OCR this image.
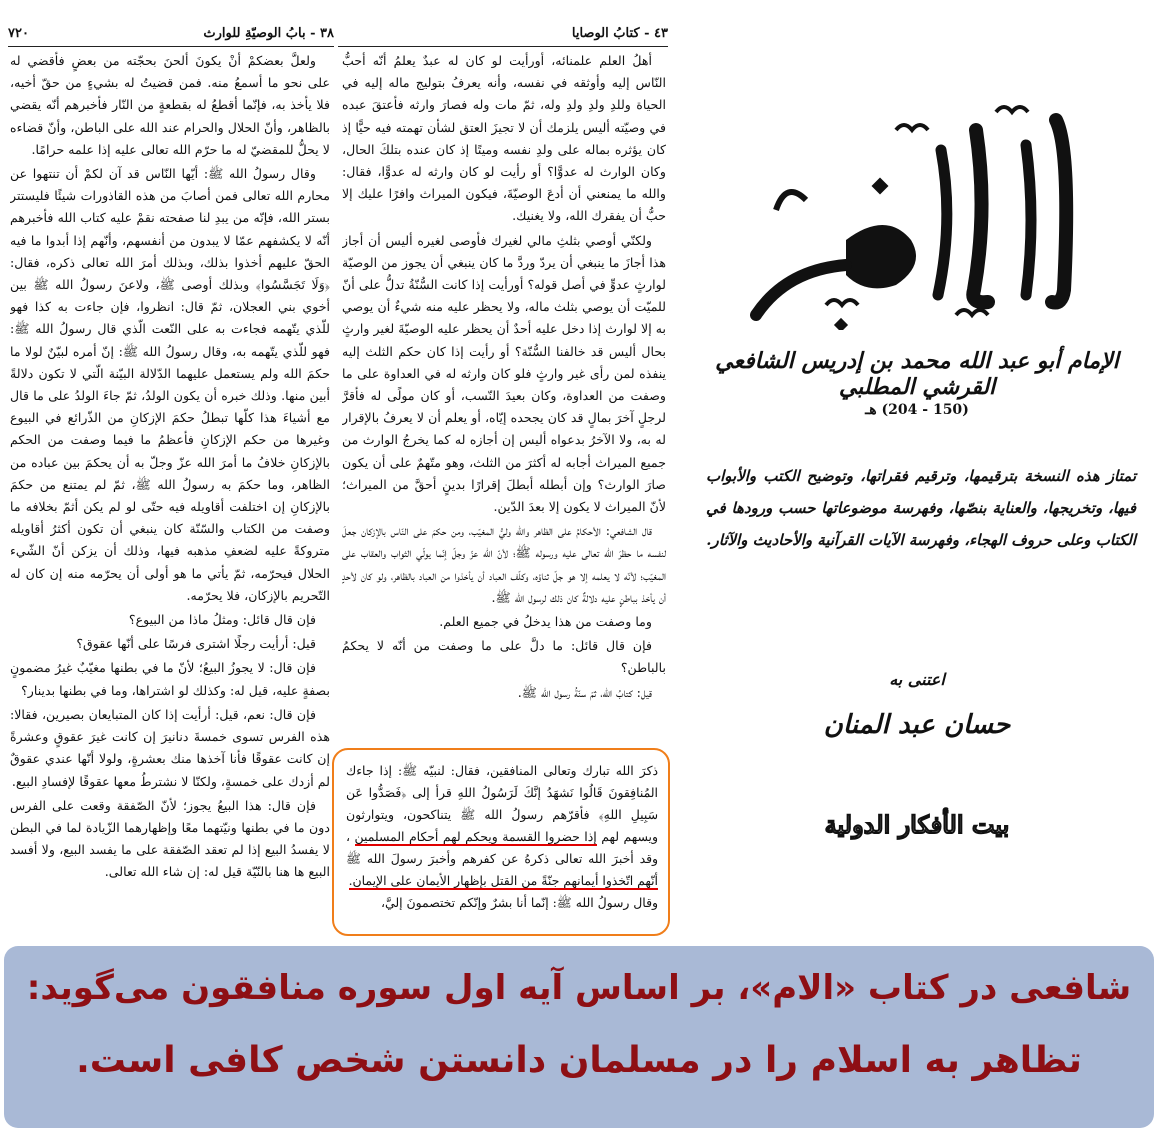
٣٨ - بابُ الوصيّةِ للوارث
٧٢٠	٤٣ - كتابُ الوصايا

أهلُ العلم علمنائه، أورأيت لو كان له عبدٌ يعلمُ أنّه أحبُّ النّاس إليه وأوثقه في نفسه، وأنه يعرفُ بتوليج ماله إليه في الحياة وللدِ ولدِ ولدِ وله، ثمّ مات وله فصارَ وارثه فأعتقَ عبده في وصيّته أليس يلزمك أن لا تجيزَ العتق لشأن تهمته فيه حيًّا إذ كان يؤثره بماله على ولدِ نفسه وميتًا إذ كان عنده بتلكَ الحال، وكان الوارث له عدوًّا؟ أو رأيت لو كان وارثه له عدوًّا، فقال: والله ما يمنعني أن أدعَ الوصيّةَ، فيكون الميراث وافرًا عليك إلا حبُّ أن يفقرك الله، ولا يغنيك.

ولكنّي أوصي بثلثِ مالي لغيرك فأوصى لغيره أليس أن أجاز هذا أجازَ ما ينبغي أن يردّ وردَّ ما كان ينبغي أن يجوز من الوصيّة لوارثٍ عدوٍّ في أصل قوله؟ أورأيت إذا كانت السُّنّةُ تدلُّ على أنّ للميّت أن يوصي بثلث ماله، ولا يحظر عليه منه شيءٌ أن يوصي به إلا لوارث إذا دخل عليه أحدٌ أن يحظر عليه الوصيّةَ لغير وارثٍ بحال أليس قد خالفنا السُّنّة؟ أو رأيت إذا كان حكم الثلث إليه ينفذه لمن رأى غير وارثٍ فلو كان وارثه له في العداوة على ما وصفت من العداوة، وكان بعيدَ النّسب، أو كان مولًى له فأقرَّ لرجلٍ آخرَ بمالٍ قد كان يجحده إيّاه، أو يعلم أن لا يعرفُ بالإقرار له به، ولا الآخرُ بدعواه أليس إن أجازه له كما يخرجُ الوارث من جميع الميراث أجابه له أكثرَ من الثلث، وهو متّهمٌ على أن يكون صارَ الوارث؟ وإن أبطله أبطلَ إقرارًا بدينٍ أحقَّ من الميراث؛ لأنّ الميراث لا يكون إلا بعدَ الدّين.

قال الشافعي: الأحكامُ على الظاهر والله وليُّ المغيّب، ومن حكمَ على النّاس بالإزكان جعلَ لنفسه ما حظرَ الله تعالى عليه ورسوله ﷺ؛ لأنّ الله عزّ وجلّ إنّما يولّي الثواب والعقاب على المغيّب؛ لأنّه لا يعلمه إلا هو جلّ ثناؤه، وكلّف العباد أن يأخذوا من العباد بالظاهر، ولو كان لأحدٍ أن يأخذ بباطنٍ عليه دلالةٌ كان ذلك لرسول الله ﷺ.

وما وصفت من هذا يدخلُ في جميع العلم.

فإن قال قائل: ما دلَّ على ما وصفت من أنّه لا يحكمُ بالباطن؟

قيل: كتابُ الله، ثمّ سنّةُ رسول الله ﷺ.

ذكرَ الله تبارك وتعالى المنافقين، فقال: لنبيّه ﷺ: إذا جاءك المُنافِقونَ قَالُوا نَشهَدُ إنَّكَ لَرَسُولُ اللهِ قرأ إلى ﴿فَصَدُّوا عَن سَبِيلِ اللهِ﴾ فأقرّهم رسولُ الله ﷺ يتناكحون، ويتوارثون ويسهم لهم إذا حضروا القسمة ويحكم لهم أحكام المسلمين ، وقد أخبرَ الله تعالى ذكرهُ عن كفرهم وأخبرَ رسولَ الله ﷺ أنّهم اتّخذوا أيمانهم جنّةً من القتل بإظهار الأيمان على الإيمان.

وقال رسولُ الله ﷺ: إنّما أنا بشرٌ وإنّكم تختصمونَ إليَّ،

ولعلَّ بعضكمْ أنْ يكونَ ألحنَ بحجّته من بعضٍ فأقضي له على نحو ما أسمعُ منه. فمن قضيتُ له بشيءٍ من حقّ أخيه، فلا يأخذ به، فإنّما أقطعُ له بقطعةٍ من النّار فأخبرهم أنّه يقضي بالظاهر، وأنّ الحلال والحرام عند الله على الباطن، وأنّ قضاءه لا يحلُّ للمقضيّ له ما حرّم الله تعالى عليه إذا علمه حرامًا.

وقال رسولُ الله ﷺ: أيّها النّاس قد آن لكمْ أن تنتهوا عن محارم الله تعالى فمن أصابَ من هذه القاذورات شيئًا فليستتر بستر الله، فإنّه من يبدِ لنا صفحته نقمْ عليه كتاب الله فأخبرهم أنّه لا يكشفهم عمّا لا يبدون من أنفسهم، وأنّهم إذا أبدوا ما فيه الحقّ عليهم أخذوا بذلك، وبذلك أمرَ الله تعالى ذكره، فقال: ﴿وَلَا تَجَسَّسُوا﴾ وبذلك أوصى ﷺ، ولاعنَ رسولُ الله ﷺ بين أخوي بني العجلان، ثمّ قال: انظروا، فإن جاءت به كذا فهو للّذي يتّهمه فجاءت به على النّعت الّذي قال رسولُ الله ﷺ: فهو للّذي يتّهمه به، وقال رسولُ الله ﷺ: إنّ أمره لبيّنٌ لولا ما حكمَ الله ولم يستعمل عليهما الدّلالة البيّنة الّتي لا تكون دلالةً أبين منها. وذلك خبره أن يكون الولدُ، ثمّ جاءَ الولدُ على ما قال مع أشياءَ هذا كلّها تبطلُ حكمَ الإزكانِ من الذّرائع في البيوع وغيرها من حكم الإزكانِ فأعظمُ ما فيما وصفت من الحكم بالإزكانِ خلافُ ما أمرَ الله عزّ وجلّ به أن يحكمَ بين عباده من الظاهر، وما حكمَ به رسولُ الله ﷺ، ثمّ لم يمتنع من حكمَ بالإزكانِ إن اختلفت أقاويله فيه حتّى لو لم يكن أثمّ بخلافه ما وصفت من الكتاب والسّنّة كان ينبغي أن تكون أكثرُ أقاويله متروكةً عليه لضعفِ مذهبه فيها، وذلك أن يزكن أنّ الشّيء الحلال فيحرّمه، ثمّ يأتي ما هو أولى أن يحرّمه منه إن كان له التّحريم بالإزكان، فلا يحرّمه.

فإن قال قائل: ومثلُ ماذا من البيوع؟

قيل: أرأيت رجلًا اشترى فرسًا على أنّها عقوق؟

فإن قال: لا يجوزُ البيعُ؛ لأنّ ما في بطنها مغيّبٌ غيرُ مضمونٍ بصفةٍ عليه، قيل له: وكذلك لو اشتراها، وما في بطنها بدينار؟

فإن قال: نعم، قيل: أرأيت إذا كان المتبايعان بصيرين، فقالا: هذه الفرس تسوى خمسةَ دنانيرَ إن كانت غيرَ عقوقٍ وعشرةً إن كانت عقوقًا فأنا آخذها منك بعشرةٍ، ولولا أنّها عندي عقوقٌ لم أزدك على خمسةٍ، ولكنّا لا نشترطُ معها عقوقًا لإفسادِ البيع.

فإن قال: هذا البيعُ يجوز؛ لأنّ الصّفقة وقعت على الفرس دون ما في بطنها ونيّتهما معًا وإظهارهما الزّيادة لما في البطن لا يفسدُ البيع إذا لم تعقد الصّفقة على ما يفسد البيع، ولا أفسد البيع ها هنا بالنّيّة قيل له: إن شاء الله تعالى.

الأم
الإمام أبو عبد الله محمد بن إدريس الشافعي القرشي المطلبي
(150 - 204) هـ
تمتاز هذه النسخة بترقيمها، وترقيم فقراتها، وتوضيح الكتب والأبواب فيها، وتخريجها، والعناية بنصّها، وفهرسة موضوعاتها حسب ورودها في الكتاب وعلى حروف الهجاء، وفهرسة الآيات القرآنية والأحاديث والآثار.
اعتنى به
حسان عبد المنان
بيت الأفكار الدولية
شافعی در کتاب «الام»، بر اساس آیه اول سوره منافقون می‌گوید:
تظاهر به اسلام را در مسلمان دانستن شخص کافی است.
